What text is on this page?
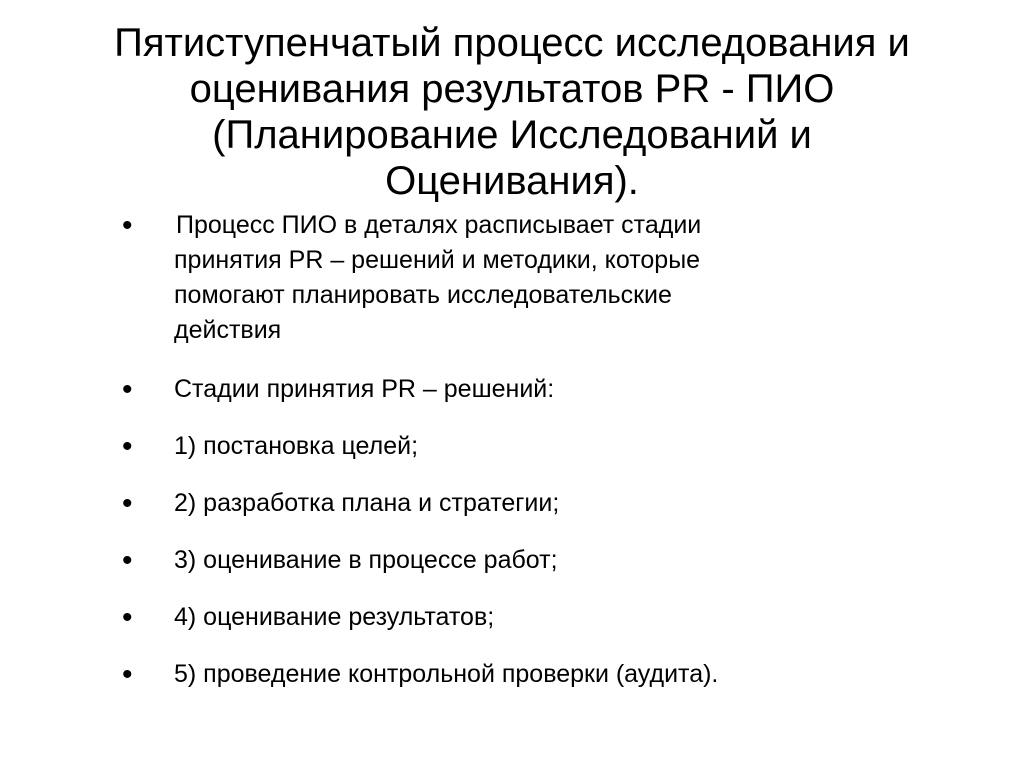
Пятиступенчатый процесс исследования и
оценивания результатов PR - ПИО
(Планирование Исследований и
Оценивания).
• Процесс ПИО в деталях расписывает стадии
принятия PR – решений и методики, которые
помогают планировать исследовательские
действия
• Стадии принятия PR – решений:
• 1) постановка целей;
• 2) разработка плана и стратегии;
• 3) оценивание в процессе работ;
• 4) оценивание результатов;
• 5) проведение контрольной проверки (аудита).
